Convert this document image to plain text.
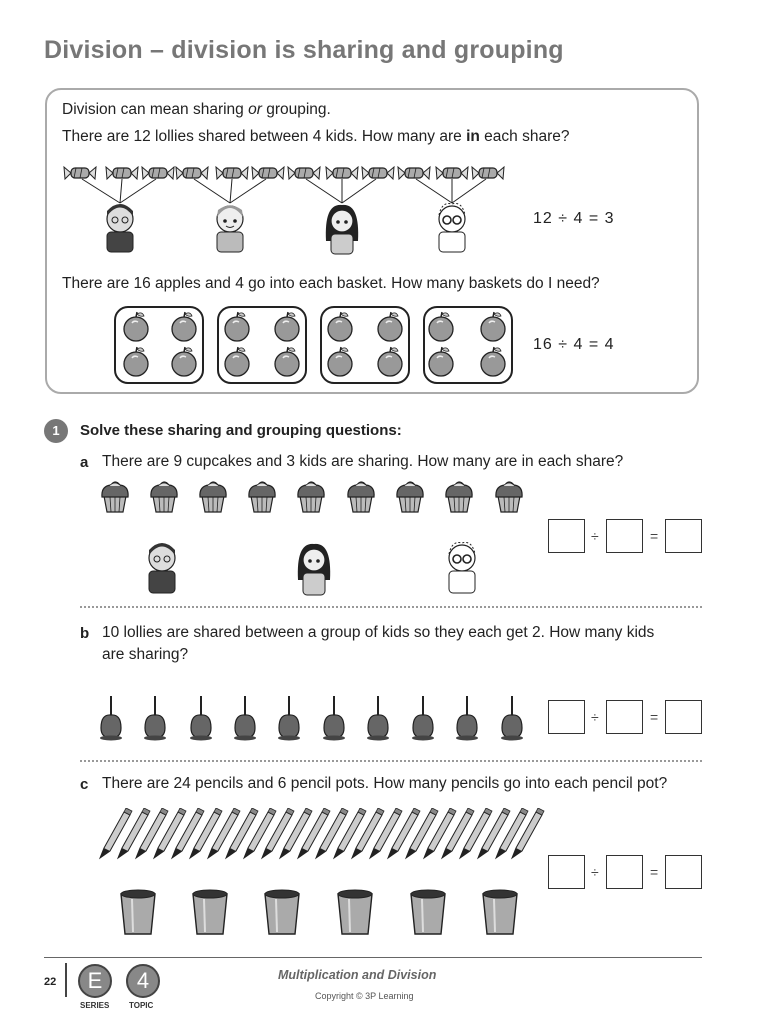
Division – division is sharing and grouping
Division can mean sharing or grouping.
There are 12 lollies shared between 4 kids. How many are in each share?
12 ÷ 4 = 3
There are 16 apples and 4 go into each basket. How many baskets do I need?
16 ÷ 4 = 4
1	Solve these sharing and grouping questions:
a There are 9 cupcakes and 3 kids are sharing. How many are in each share?
÷	=
b 10 lollies are shared between a group of kids so they each get 2. How many kids
are sharing?
÷	=
c There are 24 pencils and 6 pencil pots. How many pencils go into each pencil pot?
÷	=
22	E
SERIES
4
TOPIC
Multiplication and Division
Copyright © 3P Learning
